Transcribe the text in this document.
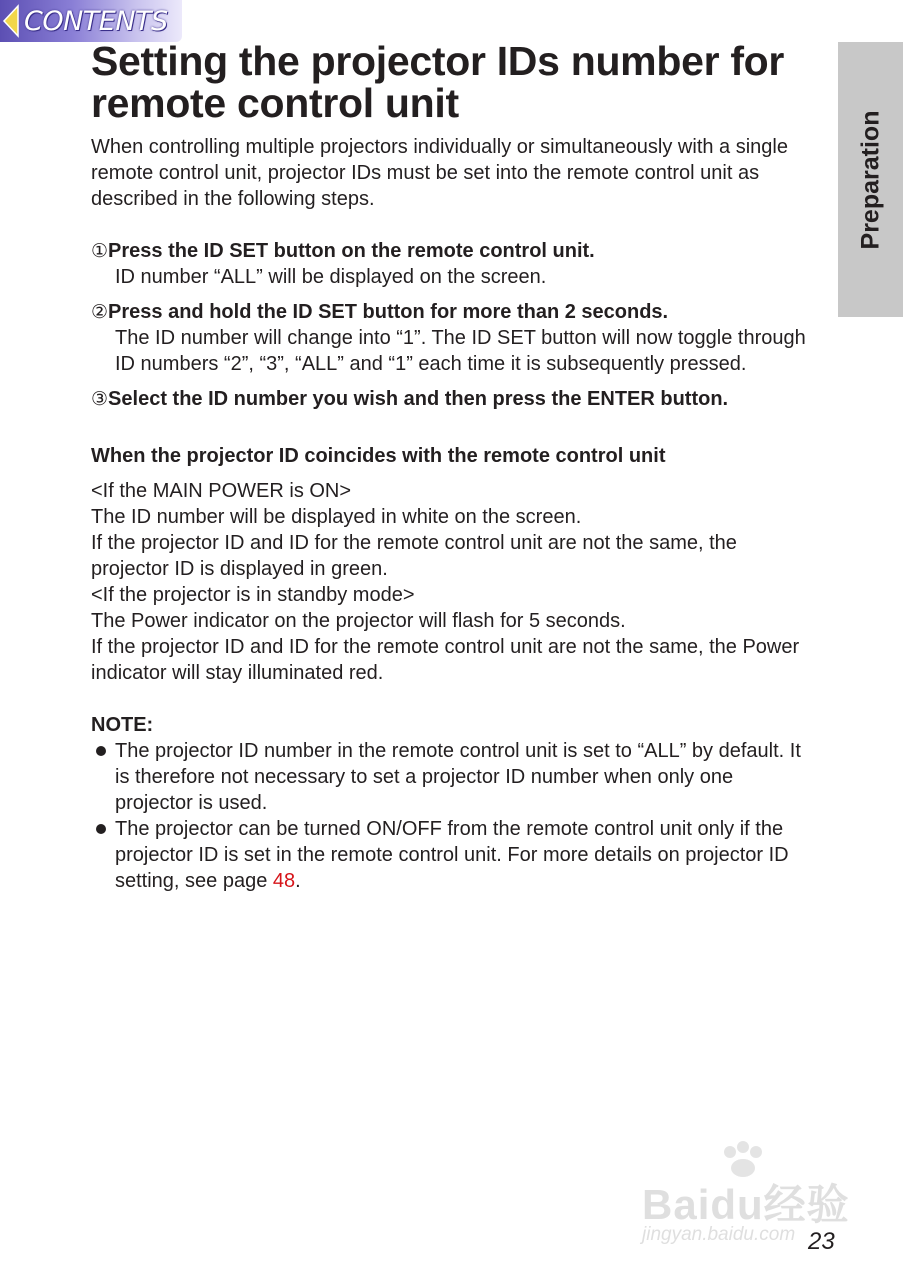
CONTENTS
Preparation
Setting the projector IDs number for remote control unit

When controlling multiple projectors individually or simultaneously with a single remote control unit, projector IDs must be set into the remote control unit as described in the following steps.

①Press the ID SET button on the remote control unit.
ID number “ALL” will be displayed on the screen.
②Press and hold the ID SET button for more than 2 seconds.
The ID number will change into “1”. The ID SET button will now toggle through ID numbers “2”, “3”, “ALL” and “1” each time it is subsequently pressed.
③Select the ID number you wish and then press the ENTER button.
When the projector ID coincides with the remote control unit
<If the MAIN POWER is ON>
The ID number will be displayed in white on the screen.
If the projector ID and ID for the remote control unit are not the same, the projector ID is displayed in green.
<If the projector is in standby mode>
The Power indicator on the projector will flash for 5 seconds.
If the projector ID and ID for the remote control unit are not the same, the Power indicator will stay illuminated red.
NOTE:
The projector ID number in the remote control unit is set to “ALL” by default. It is therefore not necessary to set a projector ID number when only one projector is used.
The projector can be turned ON/OFF from the remote control unit only if the projector ID is set in the remote control unit. For more details on projector ID setting, see page 48.
Baidu经验
jingyan.baidu.com 23
